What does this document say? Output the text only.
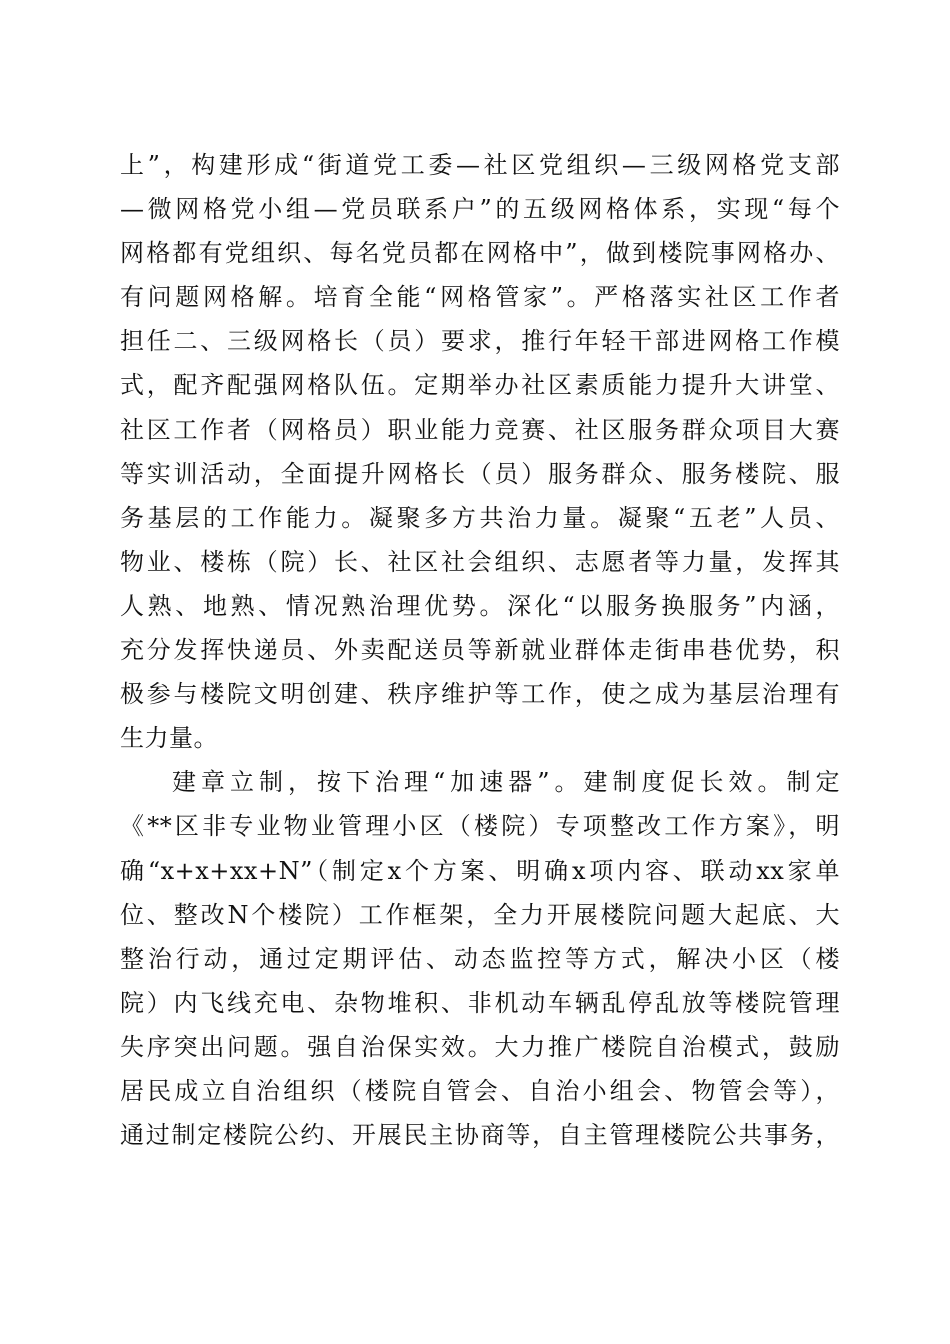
上”，构建形成“街道党工委—社区党组织—三级网格党支部
—微网格党小组—党员联系户”的五级网格体系，实现“每个
网格都有党组织、每名党员都在网格中”，做到楼院事网格办、
有问题网格解。培育全能“网格管家”。严格落实社区工作者
担任二、三级网格长（员）要求，推行年轻干部进网格工作模
式，配齐配强网格队伍。定期举办社区素质能力提升大讲堂、
社区工作者（网格员）职业能力竞赛、社区服务群众项目大赛
等实训活动，全面提升网格长（员）服务群众、服务楼院、服
务基层的工作能力。凝聚多方共治力量。凝聚“五老”人员、
物业、楼栋（院）长、社区社会组织、志愿者等力量，发挥其
人熟、地熟、情况熟治理优势。深化“以服务换服务”内涵，
充分发挥快递员、外卖配送员等新就业群体走街串巷优势，积
极参与楼院文明创建、秩序维护等工作，使之成为基层治理有
生力量。
建章立制，按下治理“加速器”。建制度促长效。制定
《**区非专业物业管理小区（楼院）专项整改工作方案》，明
确“x+x+xx+N”（制定x个方案、明确x项内容、联动xx家单
位、整改N个楼院）工作框架，全力开展楼院问题大起底、大
整治行动，通过定期评估、动态监控等方式，解决小区（楼
院）内飞线充电、杂物堆积、非机动车辆乱停乱放等楼院管理
失序突出问题。强自治保实效。大力推广楼院自治模式，鼓励
居民成立自治组织（楼院自管会、自治小组会、物管会等），
通过制定楼院公约、开展民主协商等，自主管理楼院公共事务，
